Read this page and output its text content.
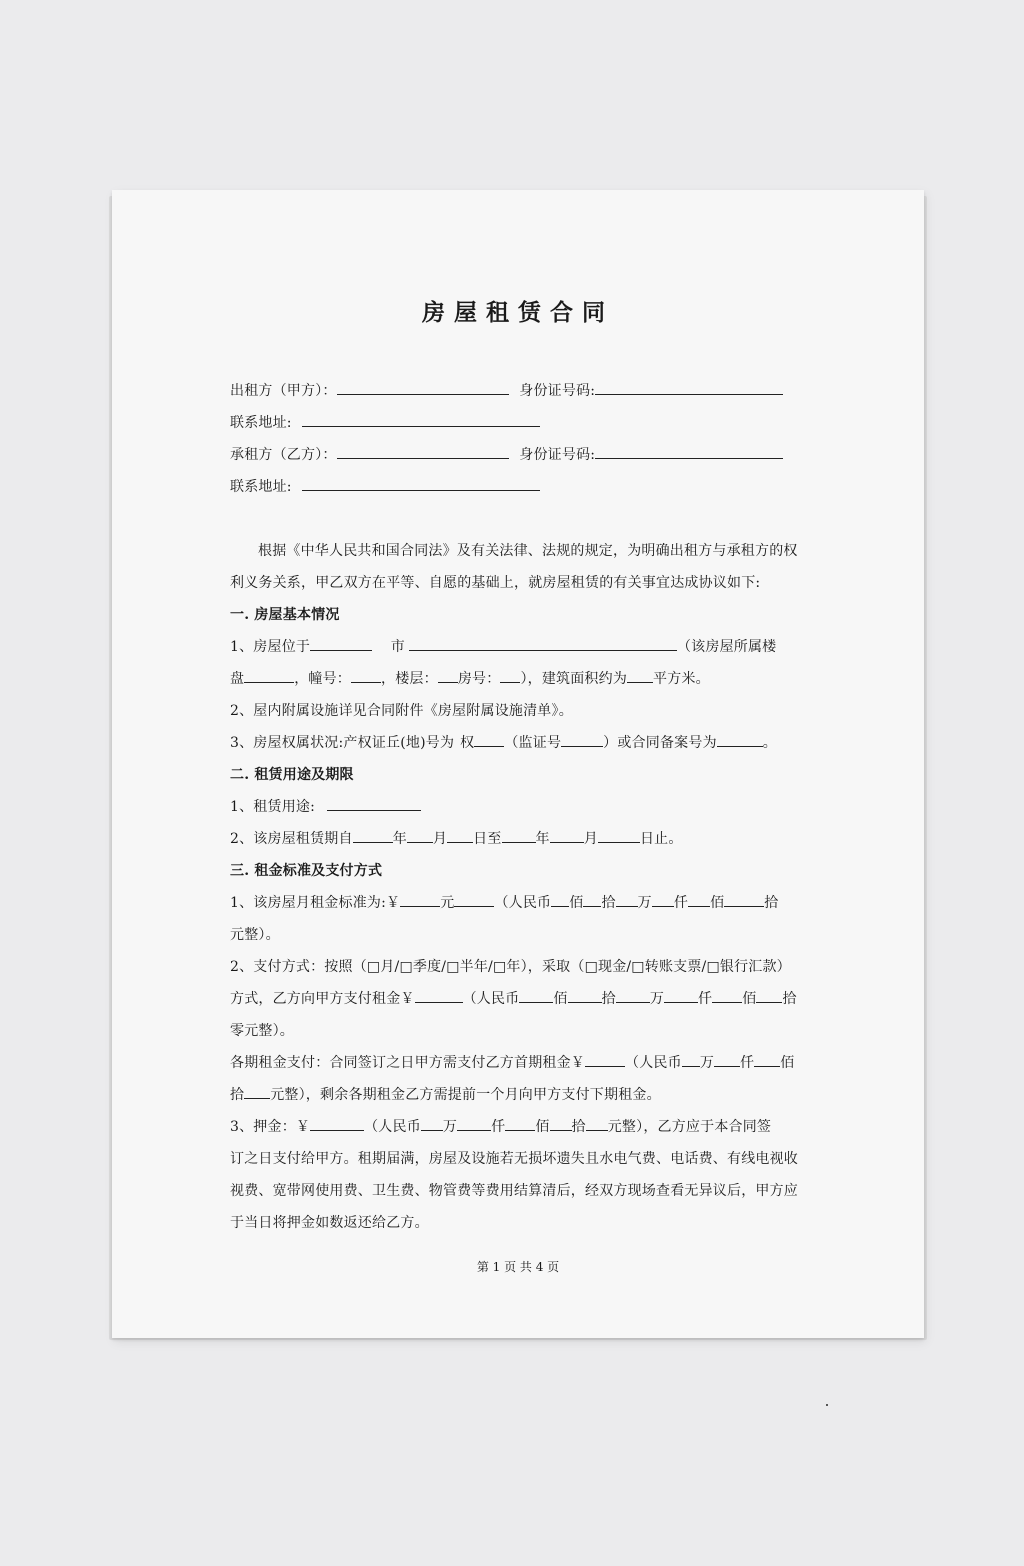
房屋租赁合同
出租方（甲方）：	身份证号码:
联系地址:
承租方（乙方）：	身份证号码:
联系地址:
根据《中华人民共和国合同法》及有关法律、法规的规定，为明确出租方与承租方的权
利义务关系，甲乙双方在平等、自愿的基础上，就房屋租赁的有关事宜达成协议如下:
一. 房屋基本情况
1、房屋位于	市	（该房屋所属楼
盘	，幢号： ，楼层： 房号： ），建筑面积约为 平方米。
2、屋内附属设施详见合同附件《房屋附属设施清单》。
3、房屋权属状况:产权证丘(地)号为 权 （监证号	）或合同备案号为	。
二. 租赁用途及期限
1、租赁用途:
2、该房屋租赁期自	年 月 日至 年 月	日止。
三. 租金标准及支付方式
1、该房屋月租金标准为:￥	元	（人民币 佰 拾 万 仟 佰	拾
元整）。
2、支付方式：按照（□月/□季度/□半年/□年），采取（□现金/□转账支票/□银行汇款）
方式，乙方向甲方支付租金￥	（人民币 佰 拾 万 仟 佰 拾
零元整）。
各期租金支付：合同签订之日甲方需支付乙方首期租金￥	（人民币 万 仟 佰
拾 元整），剩余各期租金乙方需提前一个月向甲方支付下期租金。
3、押金：￥	（人民币 万 仟 佰 拾 元整），乙方应于本合同签
订之日支付给甲方。租期届满，房屋及设施若无损坏遗失且水电气费、电话费、有线电视收
视费、宽带网使用费、卫生费、物管费等费用结算清后，经双方现场查看无异议后，甲方应
于当日将押金如数返还给乙方。
第 1 页 共 4 页
